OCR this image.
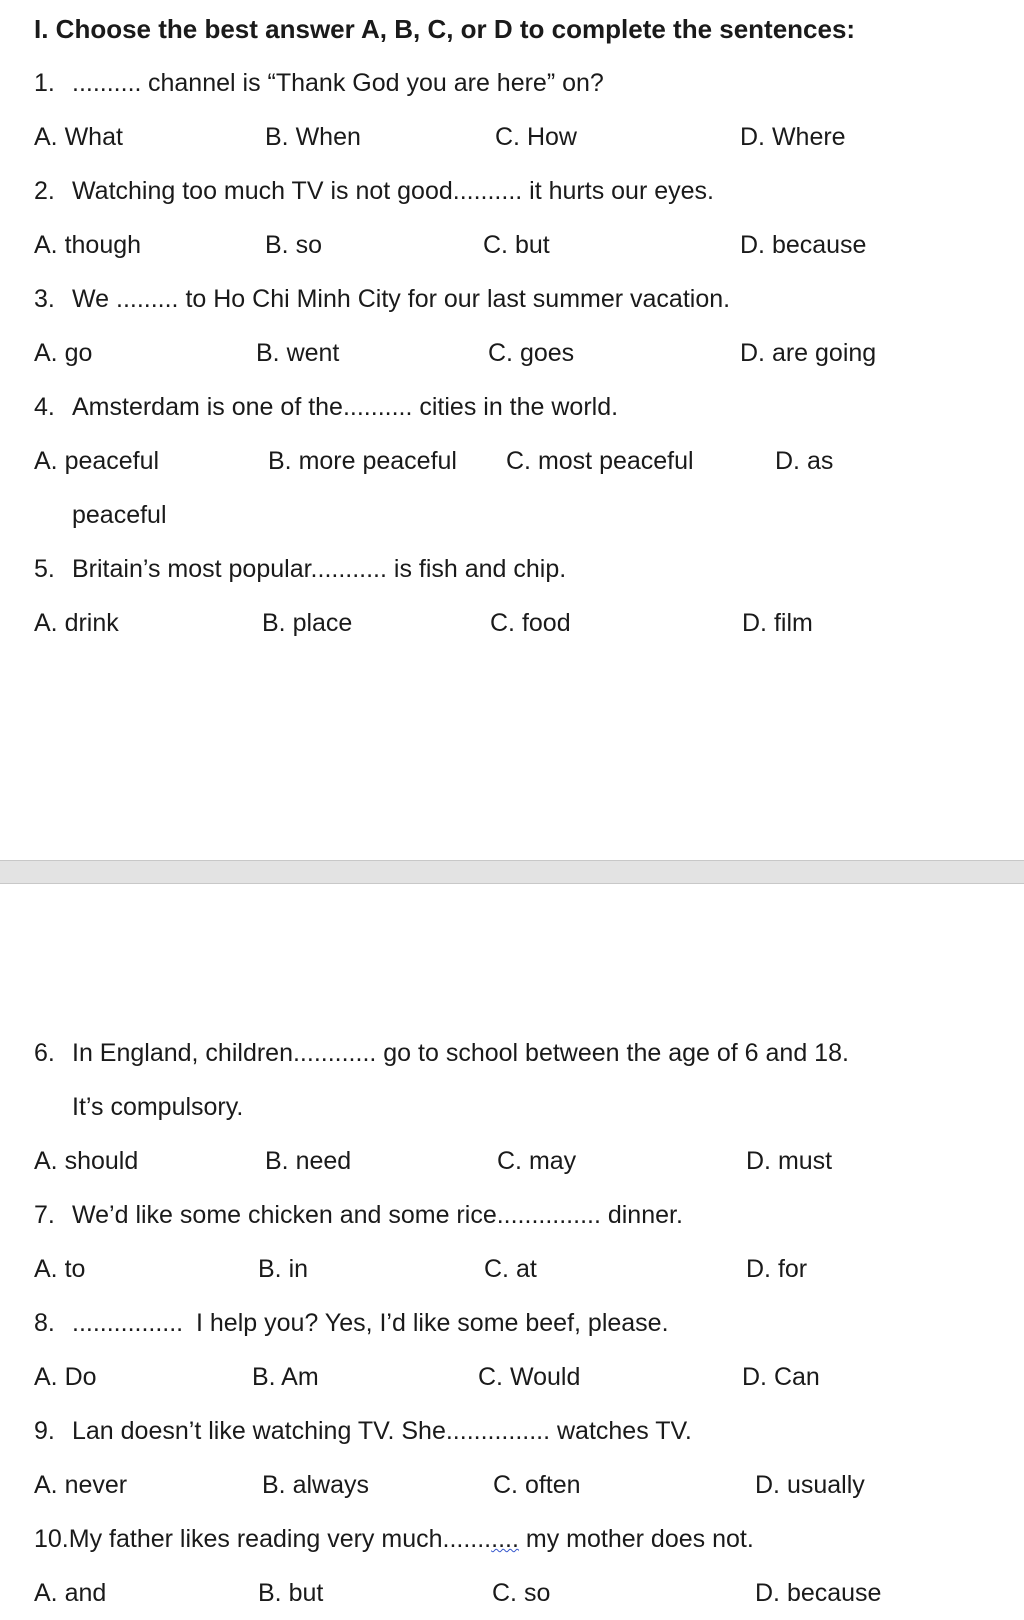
I. Choose the best answer A, B, C, or D to complete the sentences:
1. .......... channel is “Thank God you are here” on?
A. What	B. When	C. How	D. Where
2. Watching too much TV is not good.......... it hurts our eyes.
A. though	B. so	C. but	D. because
3. We ......... to Ho Chi Minh City for our last summer vacation.
A. go	B. went	C. goes	D. are going
4. Amsterdam is one of the.......... cities in the world.
A. peaceful	B. more peaceful C. most peaceful	D. as
peaceful
5. Britain’s most popular........... is fish and chip.
A. drink	B. place	C. food	D. film
6. In England, children............ go to school between the age of 6 and 18.
It’s compulsory.
A. should	B. need	C. may	D. must
7. We’d like some chicken and some rice............... dinner.
A. to	B. in	C. at	D. for
8. ................ I help you? Yes, I’d like some beef, please.
A. Do	B. Am	C. Would	D. Can
9. Lan doesn’t like watching TV. She............... watches TV.
A. never	B. always	C. often	D. usually
10.My father likes reading very much........... my mother does not.
A. and	B. but	C. so	D. because
